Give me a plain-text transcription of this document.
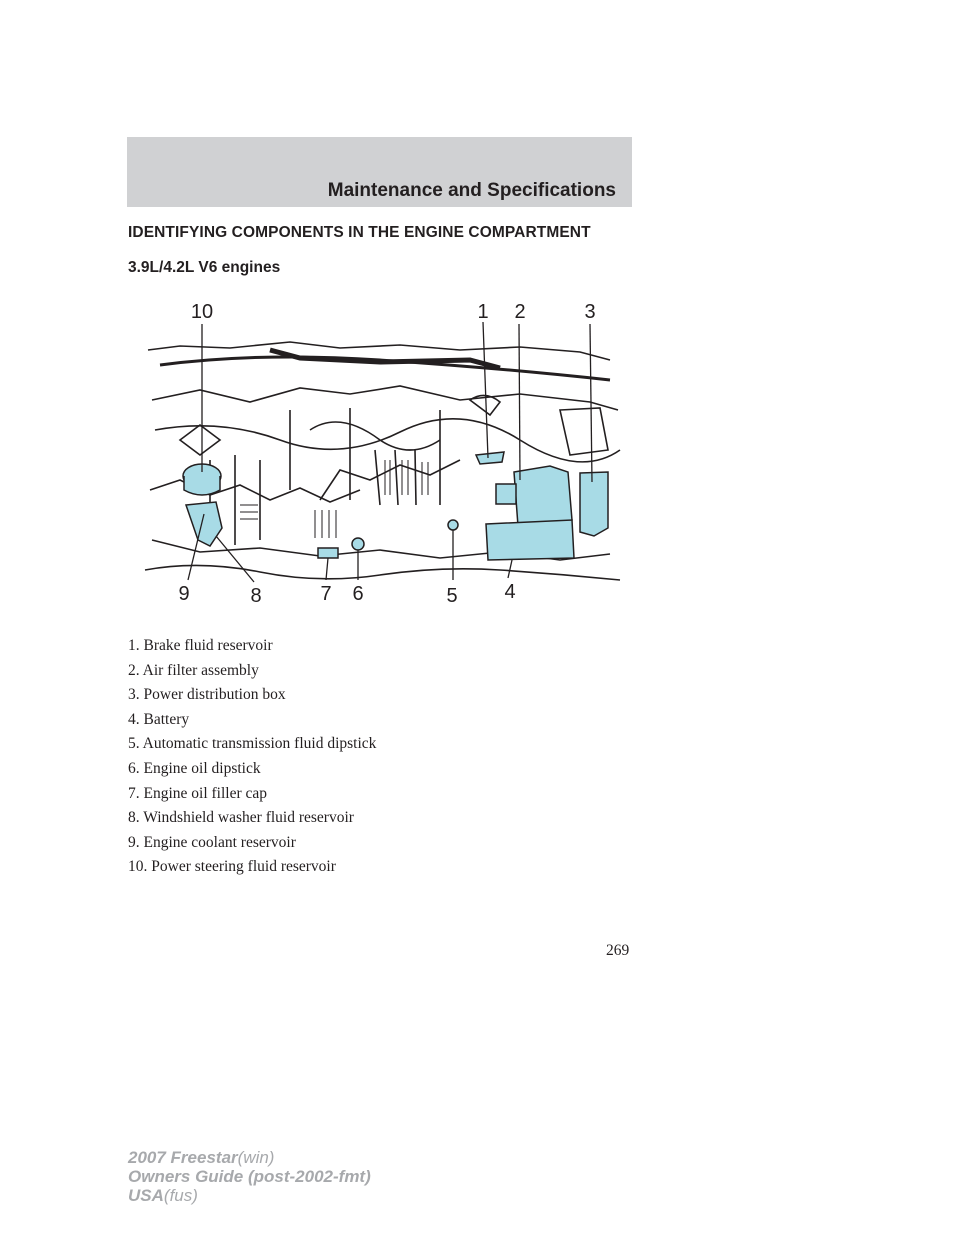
Maintenance and Specifications
IDENTIFYING COMPONENTS IN THE ENGINE COMPARTMENT
3.9L/4.2L V6 engines
10	1 2	3
9	8	7 6	5 4
1. Brake fluid reservoir
2. Air filter assembly
3. Power distribution box
4. Battery
5. Automatic transmission fluid dipstick
6. Engine oil dipstick
7. Engine oil filler cap
8. Windshield washer fluid reservoir
9. Engine coolant reservoir
10. Power steering fluid reservoir
269
2007 Freestar(win)
Owners Guide (post-2002-fmt)
USA(fus)
